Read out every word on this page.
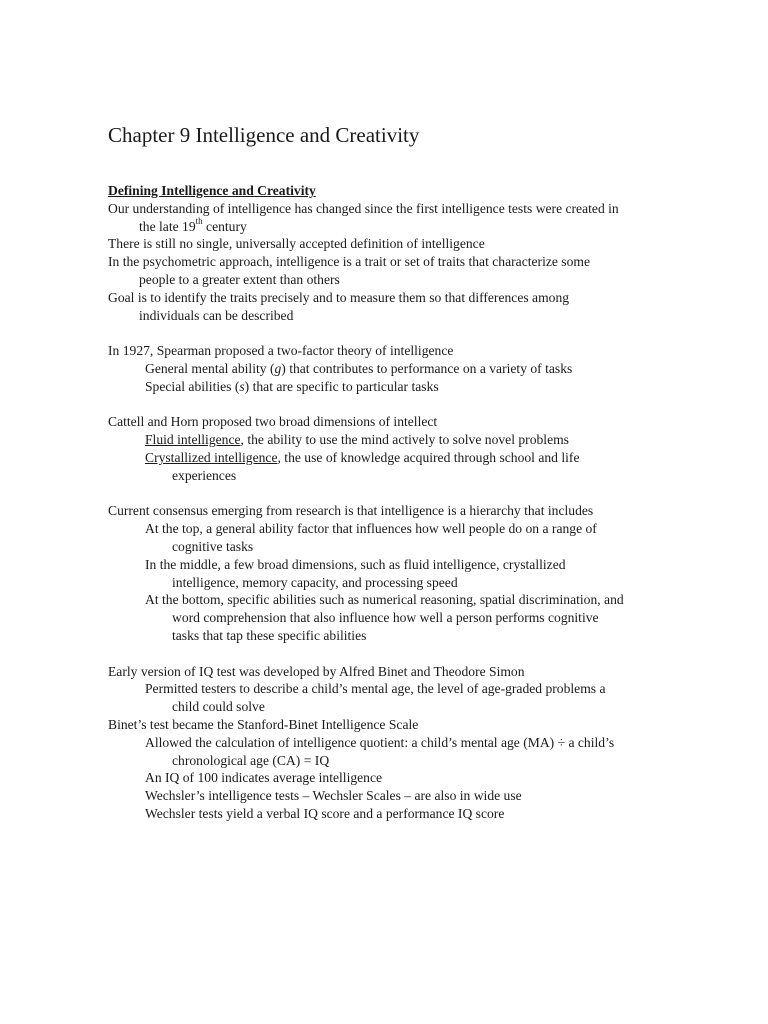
Chapter 9 Intelligence and Creativity
Defining Intelligence and Creativity
Our understanding of intelligence has changed since the first intelligence tests were created in
the late 19th century
There is still no single, universally accepted definition of intelligence
In the psychometric approach, intelligence is a trait or set of traits that characterize some
people to a greater extent than others
Goal is to identify the traits precisely and to measure them so that differences among
individuals can be described
In 1927, Spearman proposed a two-factor theory of intelligence
General mental ability (g) that contributes to performance on a variety of tasks
Special abilities (s) that are specific to particular tasks
Cattell and Horn proposed two broad dimensions of intellect
Fluid intelligence, the ability to use the mind actively to solve novel problems
Crystallized intelligence, the use of knowledge acquired through school and life
experiences
Current consensus emerging from research is that intelligence is a hierarchy that includes
At the top, a general ability factor that influences how well people do on a range of
cognitive tasks
In the middle, a few broad dimensions, such as fluid intelligence, crystallized
intelligence, memory capacity, and processing speed
At the bottom, specific abilities such as numerical reasoning, spatial discrimination, and
word comprehension that also influence how well a person performs cognitive
tasks that tap these specific abilities
Early version of IQ test was developed by Alfred Binet and Theodore Simon
Permitted testers to describe a child’s mental age, the level of age-graded problems a
child could solve
Binet’s test became the Stanford-Binet Intelligence Scale
Allowed the calculation of intelligence quotient: a child’s mental age (MA) ÷ a child’s
chronological age (CA) = IQ
An IQ of 100 indicates average intelligence
Wechsler’s intelligence tests – Wechsler Scales – are also in wide use
Wechsler tests yield a verbal IQ score and a performance IQ score
